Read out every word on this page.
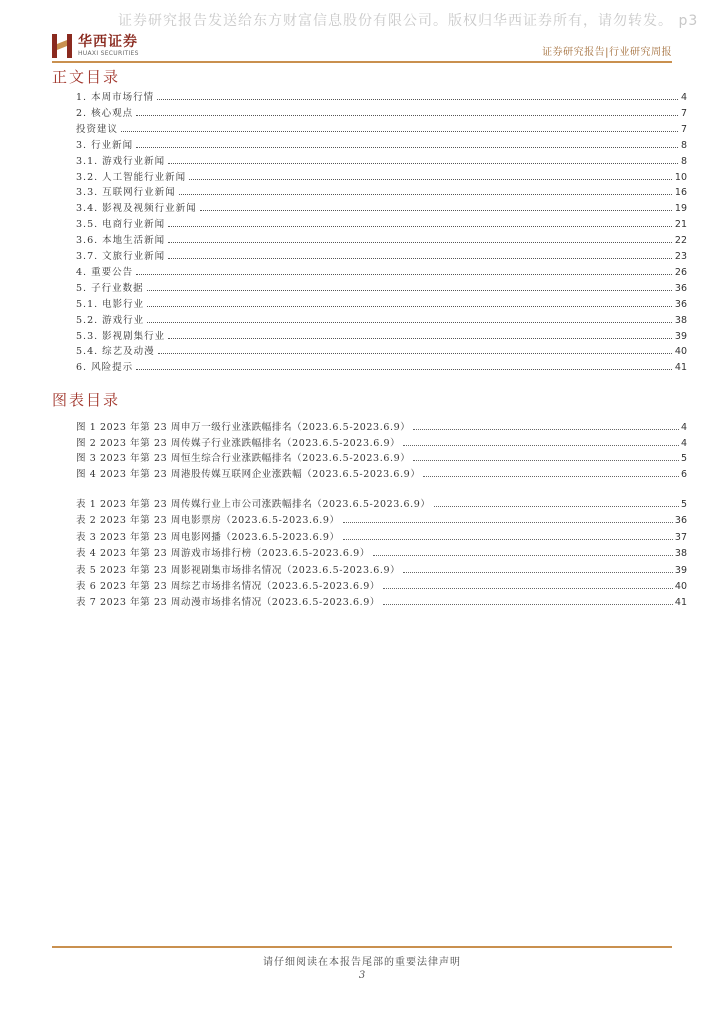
证券研究报告发送给东方财富信息股份有限公司。版权归华西证券所有，请勿转发。 p3
华西证券
HUAXI SECURITIES	证券研究报告|行业研究周报
正文目录
1. 本周市场行情	4
2. 核心观点	7
投资建议	7
3. 行业新闻	8
3.1. 游戏行业新闻	8
3.2. 人工智能行业新闻	10
3.3. 互联网行业新闻	16
3.4. 影视及视频行业新闻	19
3.5. 电商行业新闻	21
3.6. 本地生活新闻	22
3.7. 文旅行业新闻	23
4. 重要公告	26
5. 子行业数据	36
5.1. 电影行业	36
5.2. 游戏行业	38
5.3. 影视剧集行业	39
5.4. 综艺及动漫	40
6. 风险提示	41
图表目录
图 1 2023 年第 23 周申万一级行业涨跌幅排名（2023.6.5-2023.6.9）	4
图 2 2023 年第 23 周传媒子行业涨跌幅排名（2023.6.5-2023.6.9）	4
图 3 2023 年第 23 周恒生综合行业涨跌幅排名（2023.6.5-2023.6.9）	5
图 4 2023 年第 23 周港股传媒互联网企业涨跌幅（2023.6.5-2023.6.9）	6
表 1 2023 年第 23 周传媒行业上市公司涨跌幅排名（2023.6.5-2023.6.9）	5
表 2 2023 年第 23 周电影票房（2023.6.5-2023.6.9）	36
表 3 2023 年第 23 周电影网播（2023.6.5-2023.6.9）	37
表 4 2023 年第 23 周游戏市场排行榜（2023.6.5-2023.6.9）	38
表 5 2023 年第 23 周影视剧集市场排名情况（2023.6.5-2023.6.9）	39
表 6 2023 年第 23 周综艺市场排名情况（2023.6.5-2023.6.9）	40
表 7 2023 年第 23 周动漫市场排名情况（2023.6.5-2023.6.9）	41
请仔细阅读在本报告尾部的重要法律声明
3
